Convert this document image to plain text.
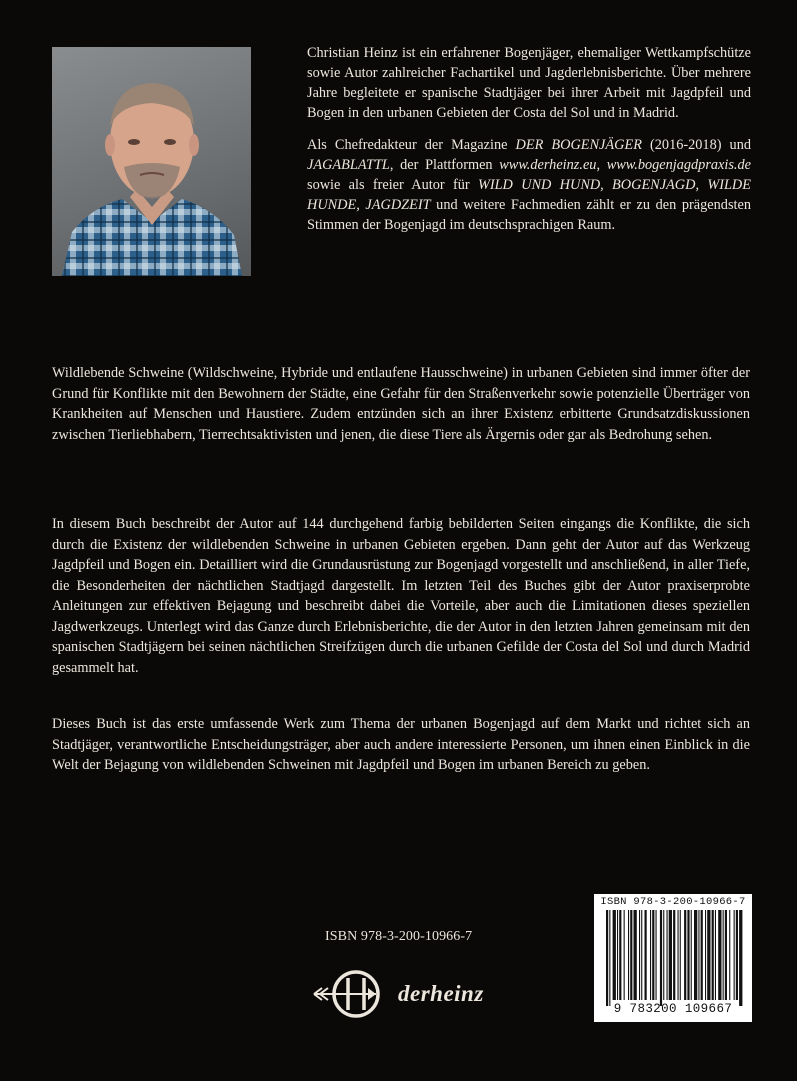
Christian Heinz ist ein erfahrener Bogenjäger, ehemaliger Wettkampfschütze sowie Autor zahlreicher Fachartikel und Jagderlebnisberichte. Über mehrere Jahre begleitete er spanische Stadtjäger bei ihrer Arbeit mit Jagdpfeil und Bogen in den urbanen Gebieten der Costa del Sol und in Madrid.

Als Chefredakteur der Magazine DER BOGENJÄGER (2016-2018) und JAGABLATTL, der Plattformen www.derheinz.eu, www.bogenjagdpraxis.de sowie als freier Autor für WILD UND HUND, BOGENJAGD, WILDE HUNDE, JAGDZEIT und weitere Fachmedien zählt er zu den prägendsten Stimmen der Bogenjagd im deutschsprachigen Raum.

Wildlebende Schweine (Wildschweine, Hybride und entlaufene Hausschweine) in urbanen Gebieten sind immer öfter der Grund für Konflikte mit den Bewohnern der Städte, eine Gefahr für den Straßenverkehr sowie potenzielle Überträger von Krankheiten auf Menschen und Haustiere. Zudem entzünden sich an ihrer Existenz erbitterte Grundsatzdiskussionen zwischen Tierliebhabern, Tierrechtsaktivisten und jenen, die diese Tiere als Ärgernis oder gar als Bedrohung sehen.

In diesem Buch beschreibt der Autor auf 144 durchgehend farbig bebilderten Seiten eingangs die Konflikte, die sich durch die Existenz der wildlebenden Schweine in urbanen Gebieten ergeben. Dann geht der Autor auf das Werkzeug Jagdpfeil und Bogen ein. Detailliert wird die Grundausrüstung zur Bogenjagd vorgestellt und anschließend, in aller Tiefe, die Besonderheiten der nächtlichen Stadtjagd dargestellt. Im letzten Teil des Buches gibt der Autor praxiserprobte Anleitungen zur effektiven Bejagung und beschreibt dabei die Vorteile, aber auch die Limitationen dieses speziellen Jagdwerkzeugs. Unterlegt wird das Ganze durch Erlebnisberichte, die der Autor in den letzten Jahren gemeinsam mit den spanischen Stadtjägern bei seinen nächtlichen Streifzügen durch die urbanen Gefilde der Costa del Sol und durch Madrid gesammelt hat.

Dieses Buch ist das erste umfassende Werk zum Thema der urbanen Bogenjagd auf dem Markt und richtet sich an Stadtjäger, verantwortliche Entscheidungsträger, aber auch andere interessierte Personen, um ihnen einen Einblick in die Welt der Bejagung von wildlebenden Schweinen mit Jagdpfeil und Bogen im urbanen Bereich zu geben.

ISBN 978-3-200-10966-7
derheinz
ISBN 978-3-200-10966-7
9 783200 109667
